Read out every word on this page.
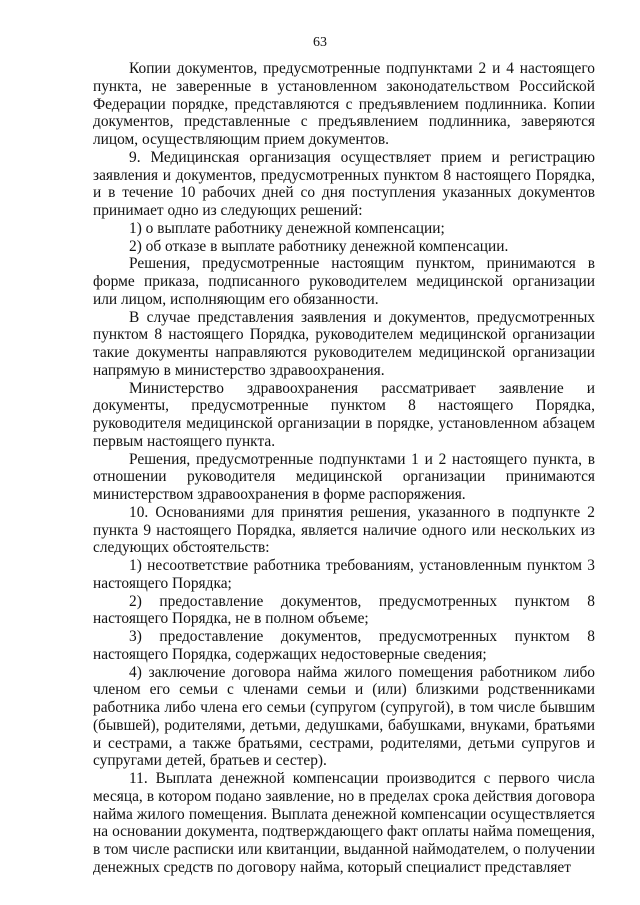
63

Копии документов, предусмотренные подпунктами 2 и 4 настоящего пункта, не заверенные в установленном законодательством Российской Федерации порядке, представляются с предъявлением подлинника. Копии документов, представленные с предъявлением подлинника, заверяются лицом, осуществляющим прием документов.

9. Медицинская организация осуществляет прием и регистрацию заявления и документов, предусмотренных пунктом 8 настоящего Порядка, и в течение 10 рабочих дней со дня поступления указанных документов принимает одно из следующих решений:

1) о выплате работнику денежной компенсации;

2) об отказе в выплате работнику денежной компенсации.

Решения, предусмотренные настоящим пунктом, принимаются в форме приказа, подписанного руководителем медицинской организации или лицом, исполняющим его обязанности.

В случае представления заявления и документов, предусмотренных пунктом 8 настоящего Порядка, руководителем медицинской организации такие документы направляются руководителем медицинской организации напрямую в министерство здравоохранения.

Министерство здравоохранения рассматривает заявление и документы, предусмотренные пунктом 8 настоящего Порядка, руководителя медицинской организации в порядке, установленном абзацем первым настоящего пункта.

Решения, предусмотренные подпунктами 1 и 2 настоящего пункта, в отношении руководителя медицинской организации принимаются министерством здравоохранения в форме распоряжения.

10. Основаниями для принятия решения, указанного в подпункте 2 пункта 9 настоящего Порядка, является наличие одного или нескольких из следующих обстоятельств:

1) несоответствие работника требованиям, установленным пунктом 3 настоящего Порядка;

2) предоставление документов, предусмотренных пунктом 8 настоящего Порядка, не в полном объеме;

3) предоставление документов, предусмотренных пунктом 8 настоящего Порядка, содержащих недостоверные сведения;

4) заключение договора найма жилого помещения работником либо членом его семьи с членами семьи и (или) близкими родственниками работника либо члена его семьи (супругом (супругой), в том числе бывшим (бывшей), родителями, детьми, дедушками, бабушками, внуками, братьями и сестрами, а также братьями, сестрами, родителями, детьми супругов и супругами детей, братьев и сестер).

11. Выплата денежной компенсации производится с первого числа месяца, в котором подано заявление, но в пределах срока действия договора найма жилого помещения. Выплата денежной компенсации осуществляется на основании документа, подтверждающего факт оплаты найма помещения, в том числе расписки или квитанции, выданной наймодателем, о получении денежных средств по договору найма, который специалист представляет
